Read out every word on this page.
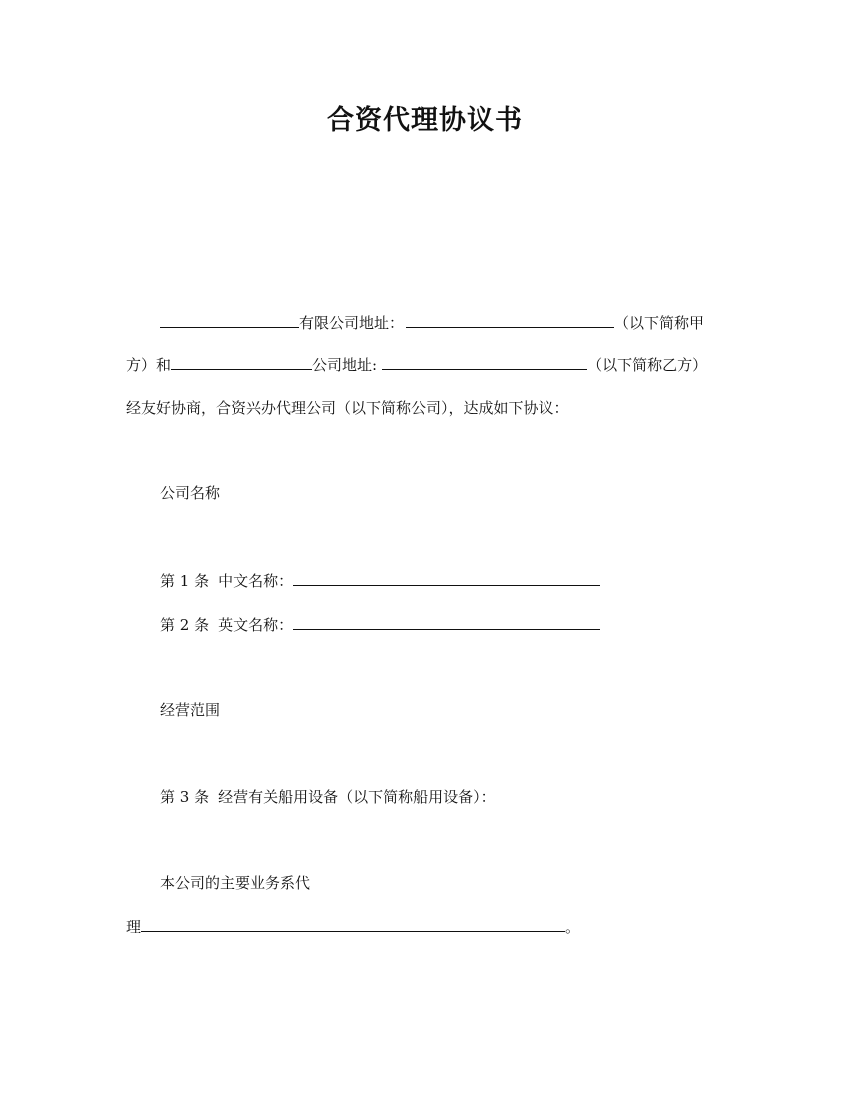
合资代理协议书
有限公司地址：	（以下简称甲
方）和	公司地址:	（以下简称乙方）
经友好协商，合资兴办代理公司（以下简称公司），达成如下协议：
公司名称
第 1 条 中文名称：
第 2 条 英文名称：
经营范围
第 3 条 经营有关船用设备（以下简称船用设备）：
本公司的主要业务系代
理	。
